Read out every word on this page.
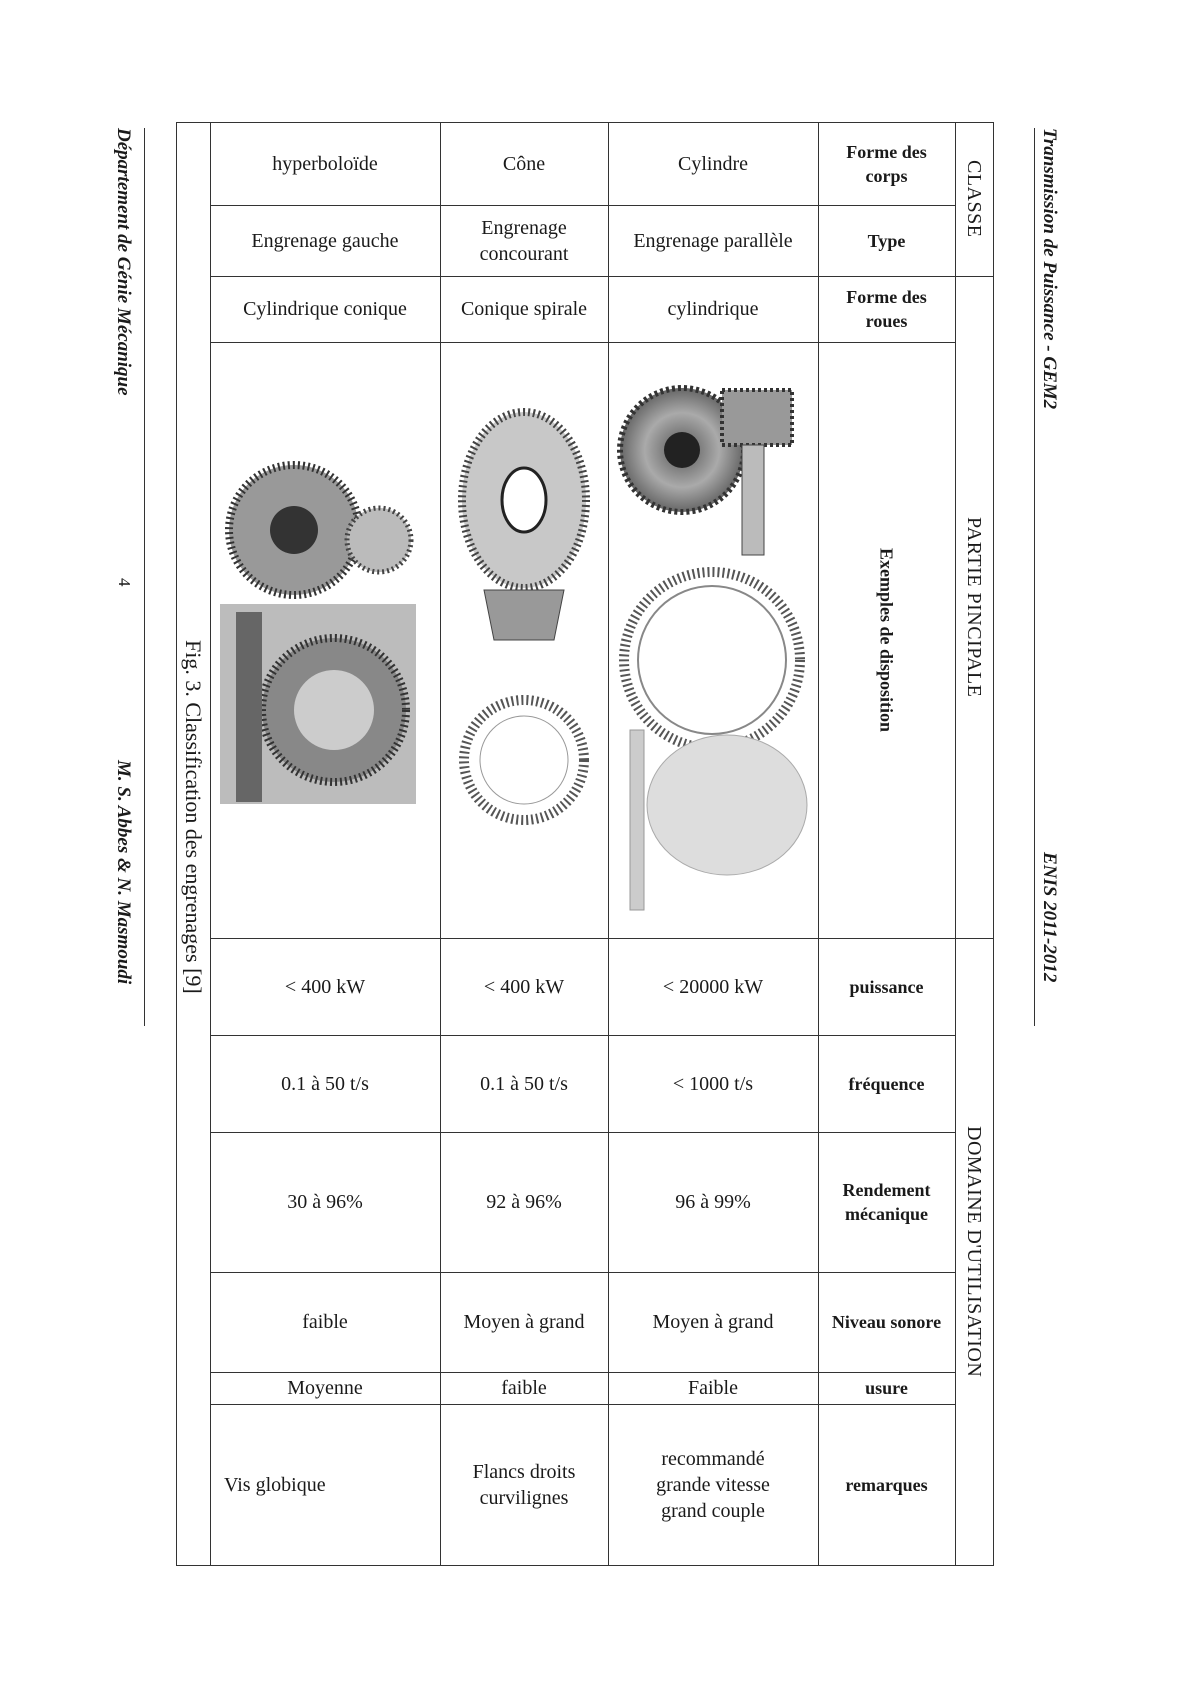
Transmission de Puissance - GEM2
ENIS 2011-2012
Département de Génie Mécanique
4
M. S. Abbes & N. Masmoudi Fig. 3. Classification des engrenages [9]
CLASSE
PARTIE PINCIPALE
DOMAINE D'UTILISATION
Forme des corps
Cylindre
Cône
hyperboloïde
Type
Engrenage parallèle
Engrenage concourant
Engrenage gauche
Forme des roues
cylindrique
Conique spirale
Cylindrique conique
Exemples de disposition
puissance
< 20000 kW
< 400 kW
< 400 kW
fréquence
< 1000 t/s
0.1 à 50 t/s
0.1 à 50 t/s
Rendement mécanique
96 à 99%
92 à 96%
30 à 96%
Niveau sonore
Moyen à grand
Moyen à grand
faible
usure
Faible
faible
Moyenne
remarques
recommandé grande vitesse grand couple
Flancs droits curvilignes
Vis globique
